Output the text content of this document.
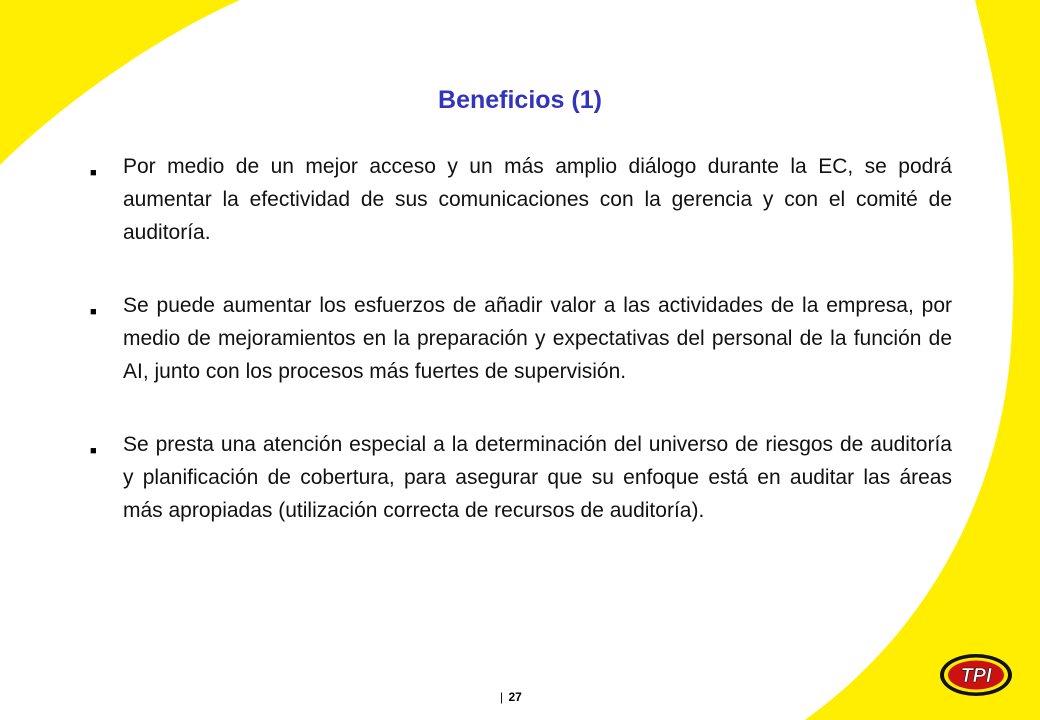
Beneficios (1)
■ Por medio de un mejor acceso y un más amplio diálogo durante la EC, se podrá aumentar la efectividad de sus comunicaciones con la gerencia y con el comité de auditoría.
■ Se puede aumentar los esfuerzos de añadir valor a las actividades de la empresa, por medio de mejoramientos en la preparación y expectativas del personal de la función de AI, junto con los procesos más fuertes de supervisión.
■ Se presta una atención especial a la determinación del universo de riesgos de auditoría y planificación de cobertura, para asegurar que su enfoque está en auditar las áreas más apropiadas (utilización correcta de recursos de auditoría).
| 27
TPI
